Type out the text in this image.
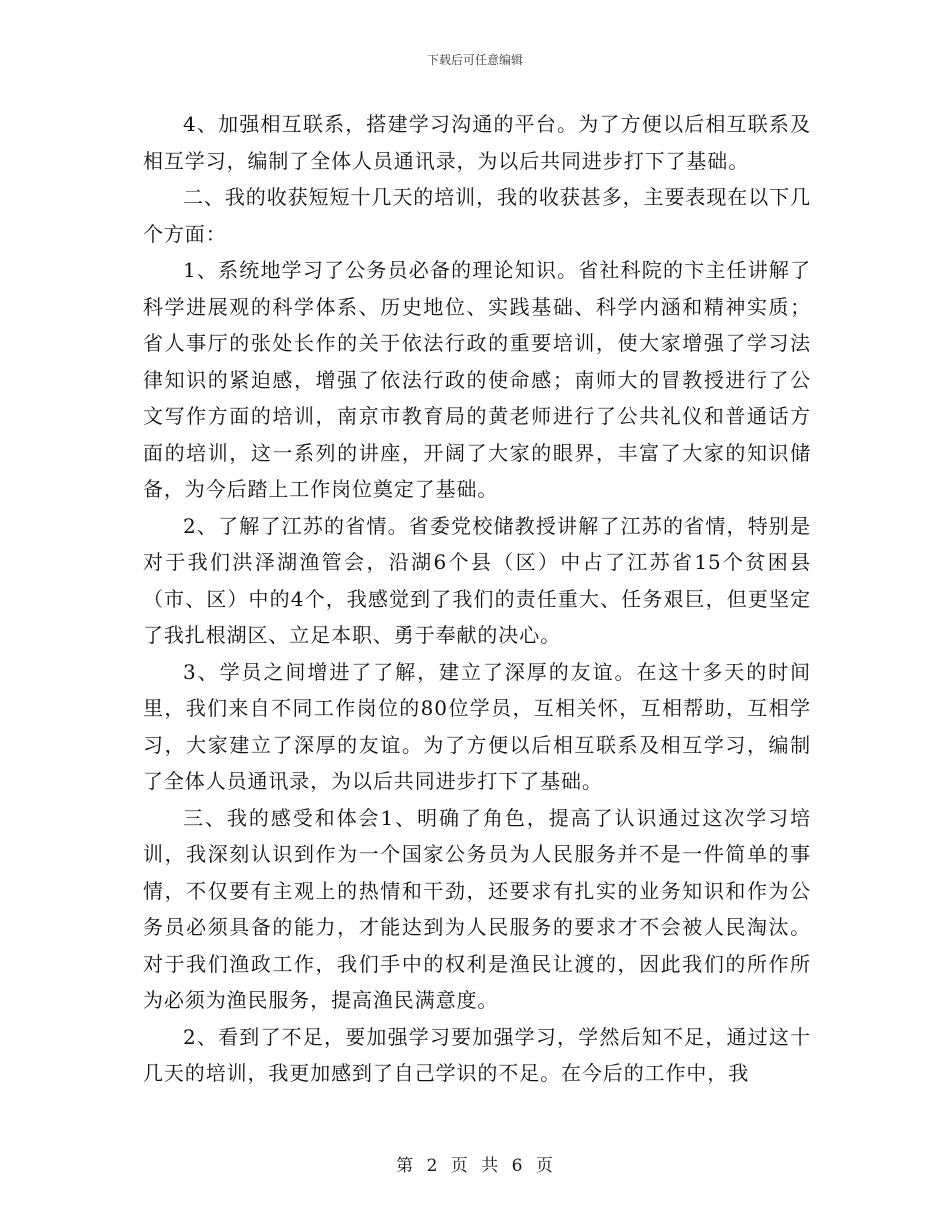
下载后可任意编辑

4、加强相互联系，搭建学习沟通的平台。为了方便以后相互联系及相互学习，编制了全体人员通讯录，为以后共同进步打下了基础。

二、我的收获短短十几天的培训，我的收获甚多，主要表现在以下几个方面：

1、系统地学习了公务员必备的理论知识。省社科院的卞主任讲解了科学进展观的科学体系、历史地位、实践基础、科学内涵和精神实质；省人事厅的张处长作的关于依法行政的重要培训，使大家增强了学习法律知识的紧迫感，增强了依法行政的使命感；南师大的冒教授进行了公文写作方面的培训，南京市教育局的黄老师进行了公共礼仪和普通话方面的培训，这一系列的讲座，开阔了大家的眼界，丰富了大家的知识储备，为今后踏上工作岗位奠定了基础。

2、了解了江苏的省情。省委党校储教授讲解了江苏的省情，特别是对于我们洪泽湖渔管会，沿湖6个县（区）中占了江苏省15个贫困县（市、区）中的4个，我感觉到了我们的责任重大、任务艰巨，但更坚定了我扎根湖区、立足本职、勇于奉献的决心。

3、学员之间增进了了解，建立了深厚的友谊。在这十多天的时间里，我们来自不同工作岗位的80位学员，互相关怀，互相帮助，互相学习，大家建立了深厚的友谊。为了方便以后相互联系及相互学习，编制了全体人员通讯录，为以后共同进步打下了基础。

三、我的感受和体会1、明确了角色，提高了认识通过这次学习培训，我深刻认识到作为一个国家公务员为人民服务并不是一件简单的事情，不仅要有主观上的热情和干劲，还要求有扎实的业务知识和作为公务员必须具备的能力，才能达到为人民服务的要求才不会被人民淘汰。对于我们渔政工作，我们手中的权利是渔民让渡的，因此我们的所作所为必须为渔民服务，提高渔民满意度。

2、看到了不足，要加强学习要加强学习，学然后知不足，通过这十几天的培训，我更加感到了自己学识的不足。在今后的工作中，我

第 2 页 共 6 页
